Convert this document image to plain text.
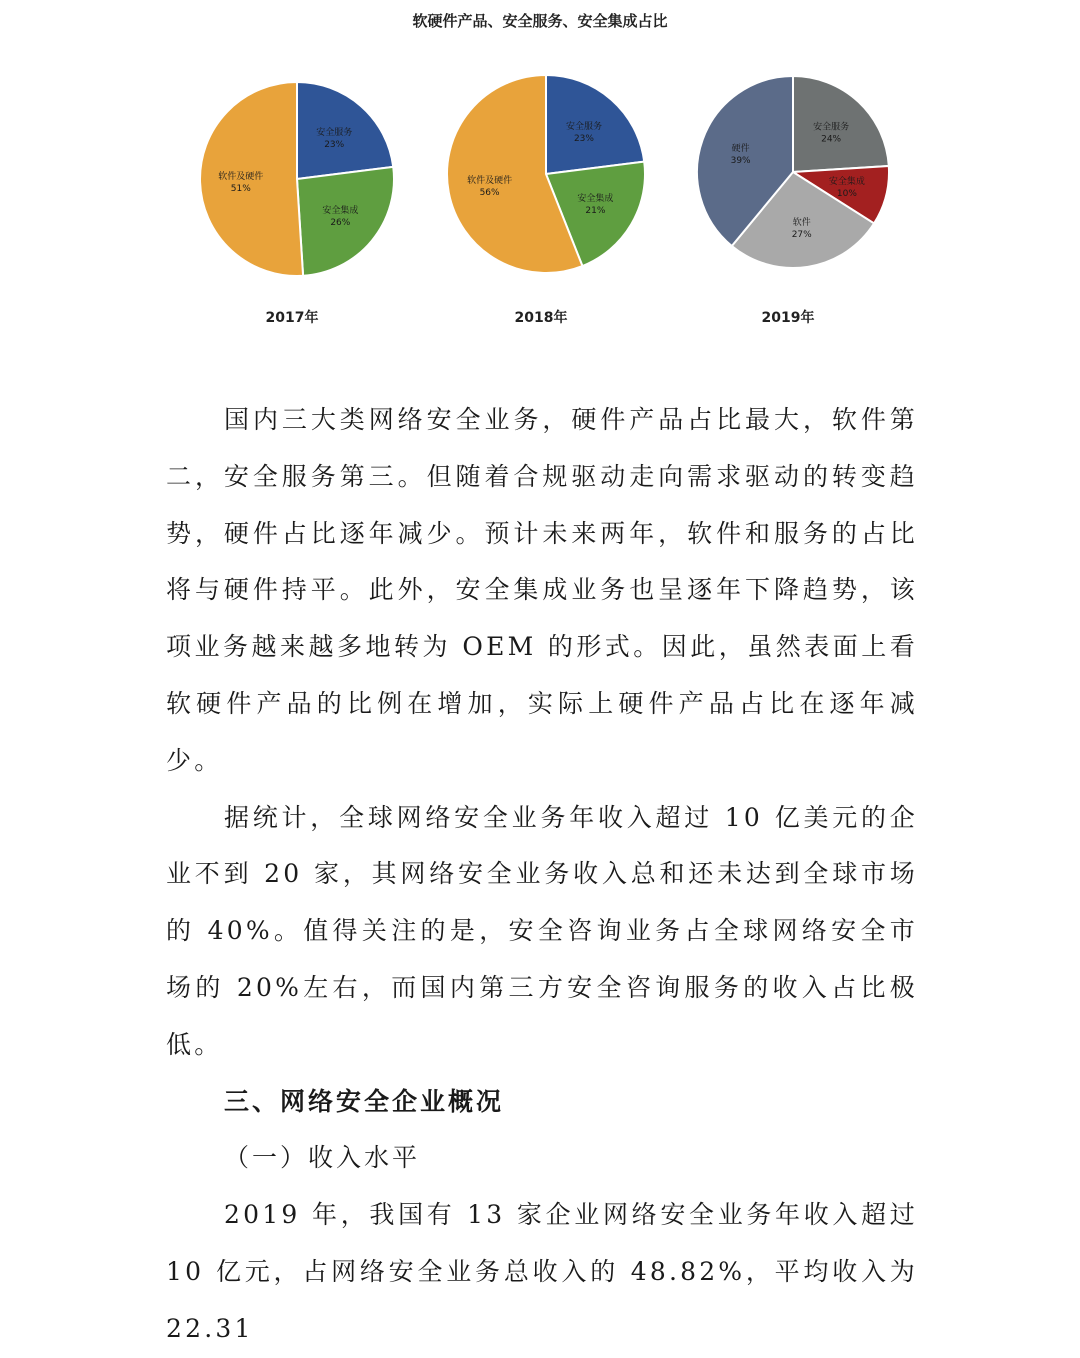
软硬件产品、安全服务、安全集成占比
安全服务
23%
安全集成
26%
软件及硬件
51%
2017年
安全服务
23%
安全集成
21%
软件及硬件
56%
2018年
安全服务
24%
安全集成
10%
软件
27%
硬件
39%
2019年

国内三大类网络安全业务，硬件产品占比最大，软件第二，安全服务第三。但随着合规驱动走向需求驱动的转变趋势，硬件占比逐年减少。预计未来两年，软件和服务的占比将与硬件持平。此外，安全集成业务也呈逐年下降趋势，该项业务越来越多地转为 OEM 的形式。因此，虽然表面上看软硬件产品的比例在增加，实际上硬件产品占比在逐年减少。

据统计，全球网络安全业务年收入超过 10 亿美元的企业不到 20 家，其网络安全业务收入总和还未达到全球市场的 40%。值得关注的是，安全咨询业务占全球网络安全市场的 20%左右，而国内第三方安全咨询服务的收入占比极低。

三、网络安全企业概况

（一）收入水平

2019 年，我国有 13 家企业网络安全业务年收入超过 10 亿元，占网络安全业务总收入的 48.82%，平均收入为 22.31
